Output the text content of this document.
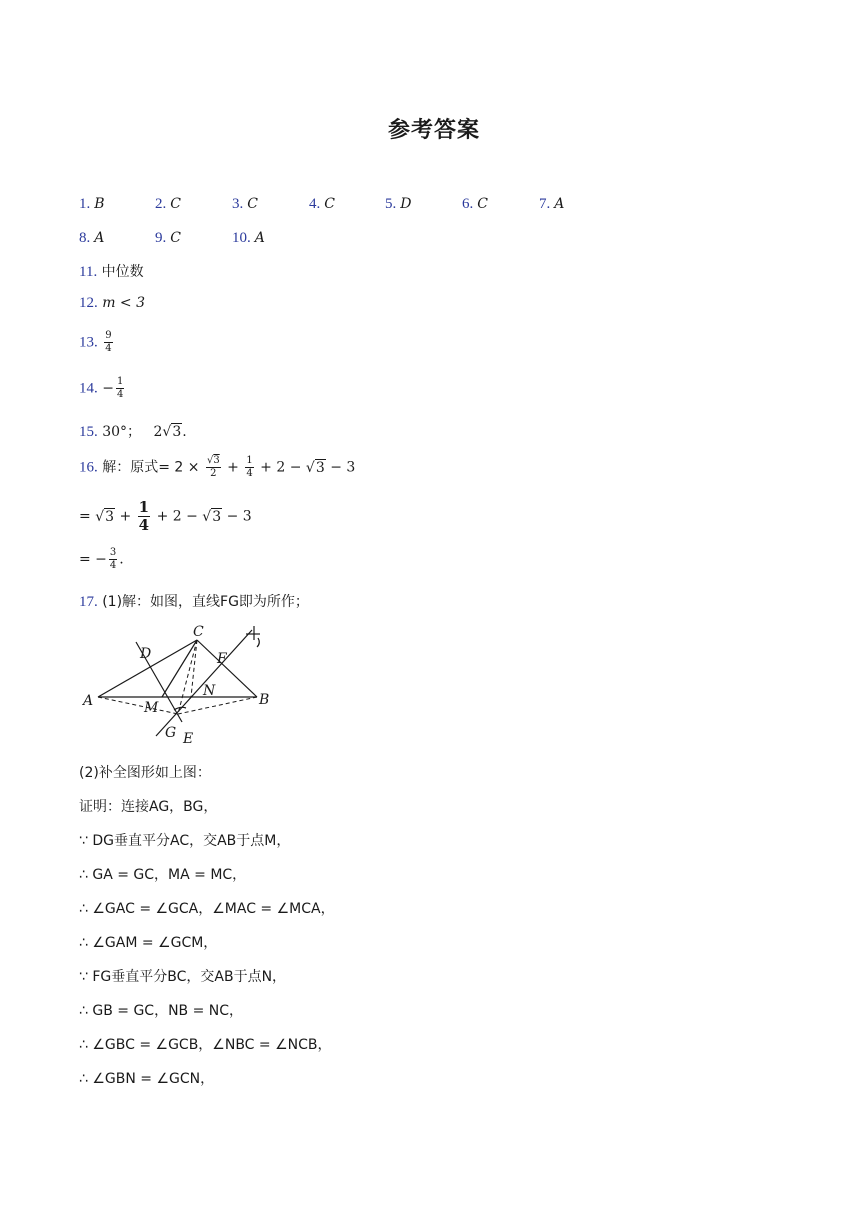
参考答案
1. B	2. C	3. C	4. C	5. D	6. C	7. A
8. A	9. C	10. A
11. 中位数
12. m < 3
13. $\frac{9}{4}$
14. − $\frac{1}{4}$
15. 30°； 2√3.
16. 解：原式= $2 \times \frac{√3}{2} + \frac{1}{4} + 2 - √3 - 3$
= $√3 + \frac{1}{4} + 2 - √3 - 3$
= − $\frac{3}{4}$ .
17. (1)解：如图，直线FG即为所作；
C
D	F
A	M
N
B
G E
(2)补全图形如上图：
证明：连接AG，BG，
∵ DG垂直平分AC，交AB于点M，
∴ GA = GC，MA = MC，
∴ ∠GAC = ∠GCA，∠MAC = ∠MCA，
∴ ∠GAM = ∠GCM，
∵ FG垂直平分BC，交AB于点N，
∴ GB = GC，NB = NC，
∴ ∠GBC = ∠GCB，∠NBC = ∠NCB，
∴ ∠GBN = ∠GCN，
